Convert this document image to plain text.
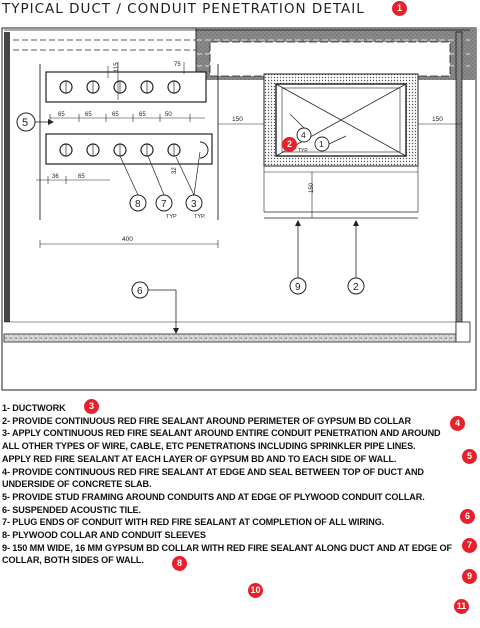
TYPICAL DUCT / CONDUIT PENETRATION DETAIL	1
115	75
65	65	65	65	50
36	65
32
5
8 7 3
TYP	TYP.
400
150	150
150
4
1
TYP.
9	2
6
2

1- DUCTWORK

2- PROVIDE CONTINUOUS RED FIRE SEALANT AROUND PERIMETER OF GYPSUM BD COLLAR

3- APPLY CONTINUOUS RED FIRE SEALANT AROUND ENTIRE CONDUIT PENETRATION AND AROUND ALL OTHER TYPES OF WIRE, CABLE, ETC PENETRATIONS INCLUDING SPRINKLER PIPE LINES.

APPLY RED FIRE SEALANT AT EACH LAYER OF GYPSUM BD AND TO EACH SIDE OF WALL.

4- PROVIDE CONTINUOUS RED FIRE SEALANT AT EDGE AND SEAL BETWEEN TOP OF DUCT AND UNDERSIDE OF CONCRETE SLAB.

5- PROVIDE STUD FRAMING AROUND CONDUITS AND AT EDGE OF PLYWOOD CONDUIT COLLAR.

6- SUSPENDED ACOUSTIC TILE.

7- PLUG ENDS OF CONDUIT WITH RED FIRE SEALANT AT COMPLETION OF ALL WIRING.

8- PLYWOOD COLLAR AND CONDUIT SLEEVES

9- 150 MM WIDE, 16 MM GYPSUM BD COLLAR WITH RED FIRE SEALANT ALONG DUCT AND AT EDGE OF COLLAR, BOTH SIDES OF WALL.

3
4
5
6
7
8
9
10
11
